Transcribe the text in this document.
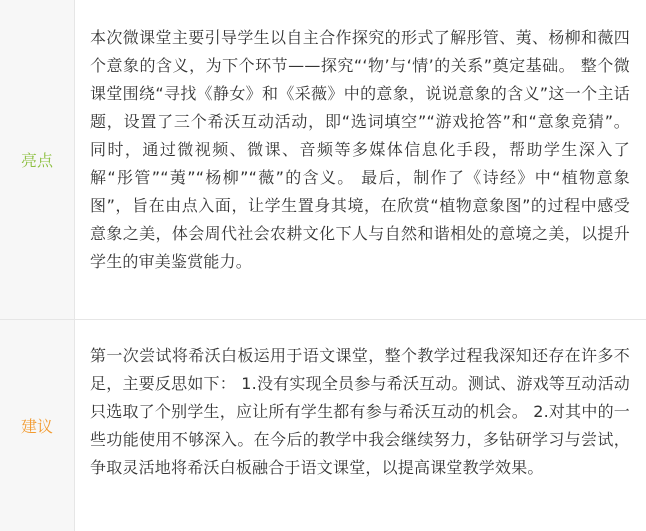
亮点

本次微课堂主要引导学生以自主合作探究的形式了解彤管、荑、杨柳和薇四个意象的含义，为下个环节——探究“‘物’与‘情’的关系”奠定基础。 整个微课堂围绕“寻找《静女》和《采薇》中的意象，说说意象的含义”这一个主话题，设置了三个希沃互动活动，即“选词填空”“游戏抢答”和“意象竞猜”。 同时，通过微视频、微课、音频等多媒体信息化手段，帮助学生深入了解“彤管”“荑”“杨柳”“薇”的含义。 最后，制作了《诗经》中“植物意象图”，旨在由点入面，让学生置身其境，在欣赏“植物意象图”的过程中感受意象之美，体会周代社会农耕文化下人与自然和谐相处的意境之美，以提升学生的审美鉴赏能力。

建议

第一次尝试将希沃白板运用于语文课堂，整个教学过程我深知还存在许多不足，主要反思如下： 1.没有实现全员参与希沃互动。测试、游戏等互动活动只选取了个别学生，应让所有学生都有参与希沃互动的机会。 2.对其中的一些功能使用不够深入。在今后的教学中我会继续努力，多钻研学习与尝试，争取灵活地将希沃白板融合于语文课堂，以提高课堂教学效果。
